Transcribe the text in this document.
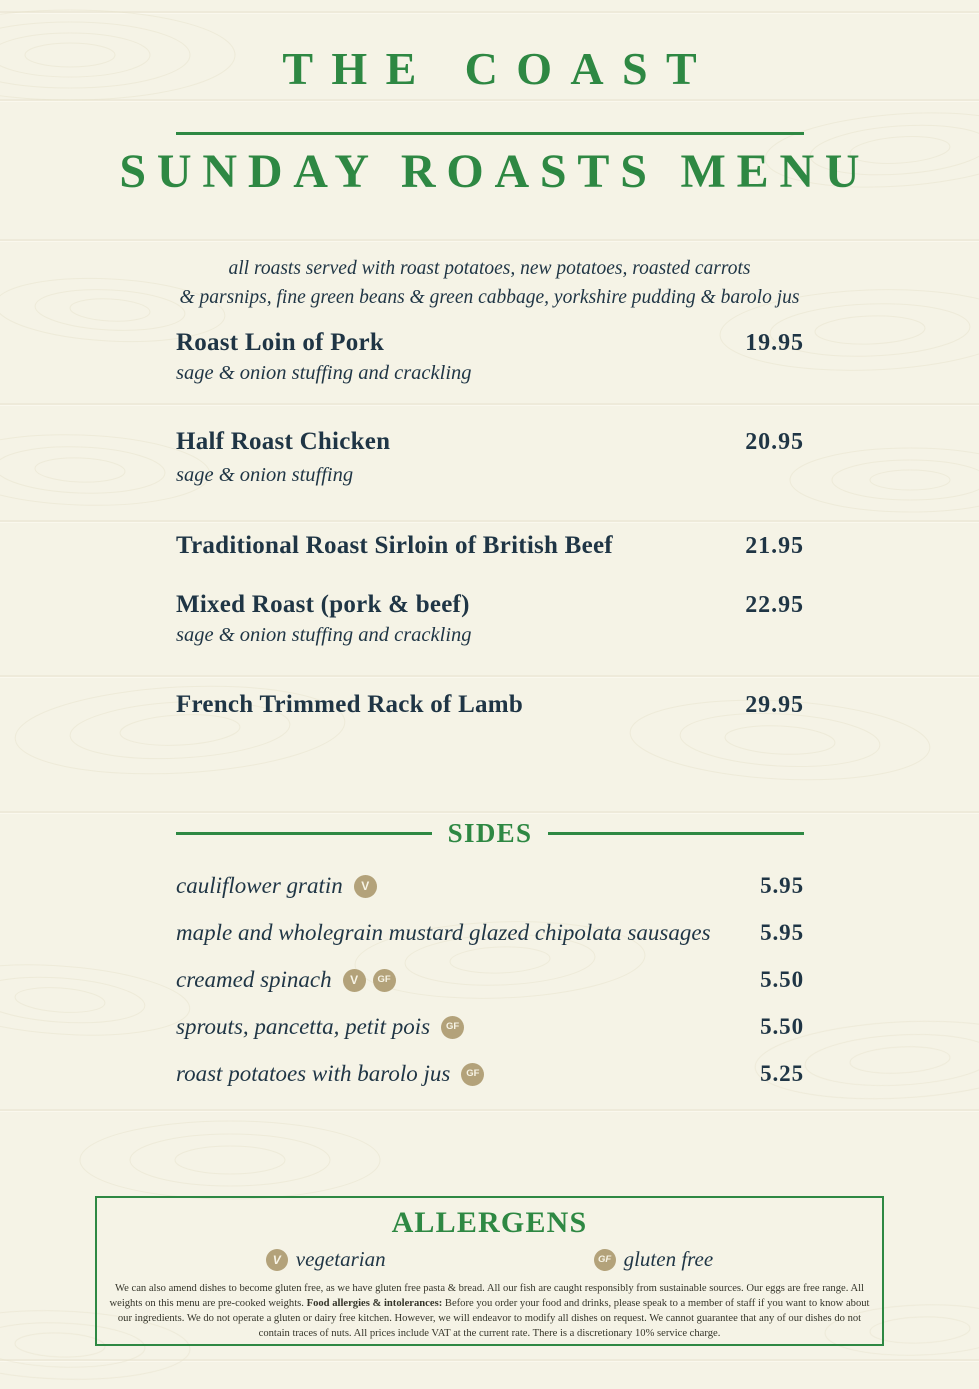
THE COAST
SUNDAY ROASTS MENU

all roasts served with roast potatoes, new potatoes, roasted carrots
& parsnips, fine green beans & green cabbage, yorkshire pudding & barolo jus

Roast Loin of Pork	19.95
sage & onion stuffing and crackling
Half Roast Chicken	20.95
sage & onion stuffing
Traditional Roast Sirloin of British Beef	21.95
Mixed Roast (pork & beef)	22.95
sage & onion stuffing and crackling
French Trimmed Rack of Lamb	29.95
SIDES
cauliflower gratin	V	5.95
maple and wholegrain mustard glazed chipolata sausages 5.95
creamed spinach	V	GF	5.50
sprouts, pancetta, petit pois	GF	5.50
roast potatoes with barolo jus	GF	5.25
ALLERGENS
V vegetarian	GF gluten free

We can also amend dishes to become gluten free, as we have gluten free pasta & bread. All our fish are caught responsibly from sustainable sources. Our eggs are free range. All weights on this menu are pre-cooked weights. Food allergies & intolerances: Before you order your food and drinks, please speak to a member of staff if you want to know about our ingredients. We do not operate a gluten or dairy free kitchen. However, we will endeavor to modify all dishes on request. We cannot guarantee that any of our dishes do not contain traces of nuts. All prices include VAT at the current rate. There is a discretionary 10% service charge.
